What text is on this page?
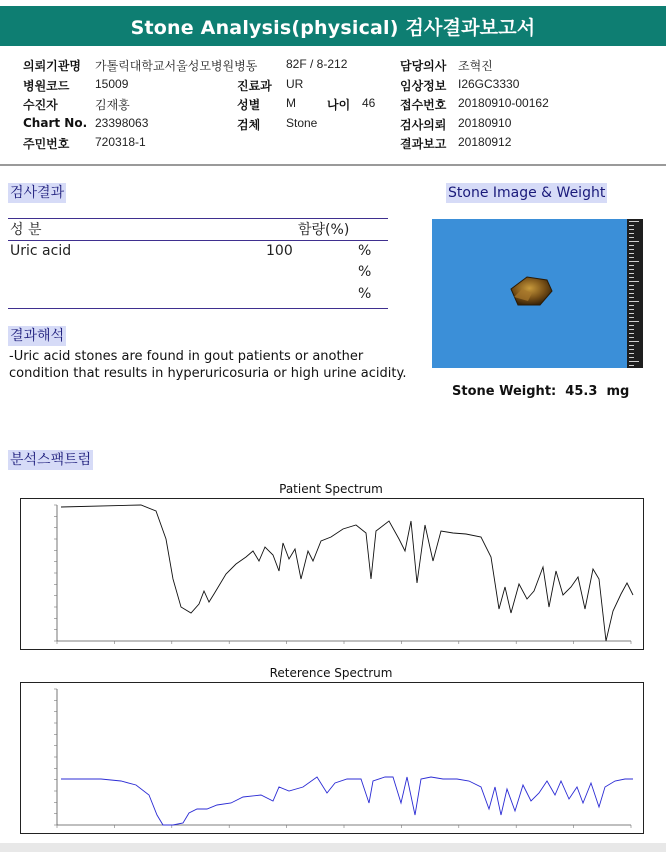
Stone Analysis(physical) 검사결과보고서
의뢰기관명 가톨릭대학교서울성모병원병동 82F / 8-212	담당의사 조혁진
병원코드 15009	진료과 UR	임상정보 I26GC3330
수진자	김재홍	성별 M	나이 46 접수번호 20180910-00162
Chart No. 23398063	검체 Stone	검사의뢰 20180910
주민번호 720318-1	결과보고 20180912
검사결과
성 분	함량(%)
Uric acid	100	%
%
%
결과해석
-Uric acid stones are found in gout patients or another
condition that results in hyperuricosuria or high urine acidity.
Stone Image & Weight
Stone Weight: 45.3 mg
분석스팩트럼
Patient Spectrum
Reterence Spectrum
